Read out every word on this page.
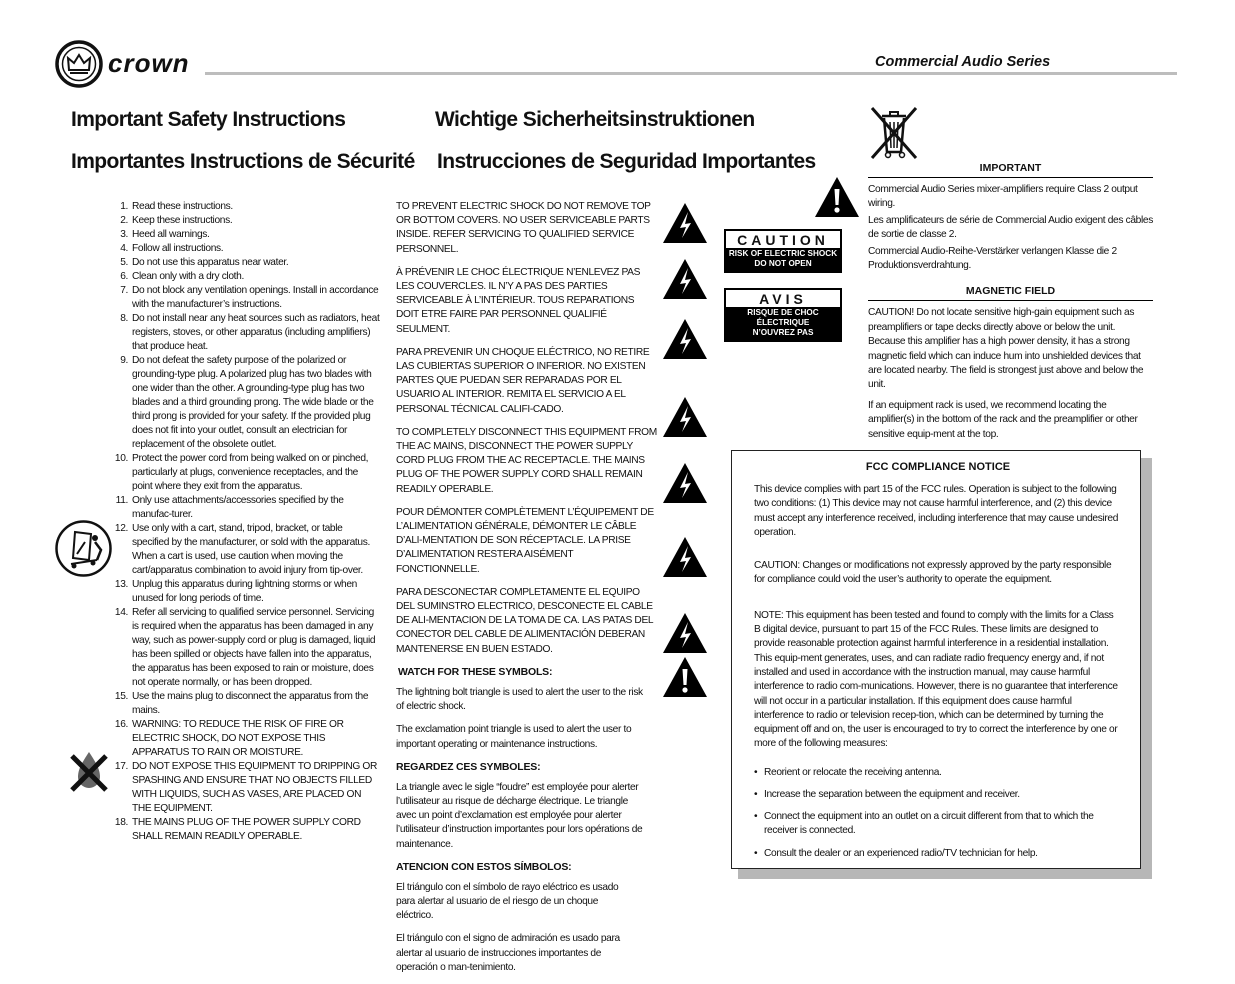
crown	Commercial Audio Series
Important Safety Instructions	Wichtige Sicherheitsinstruktionen
Importantes Instructions de Sécurité Instrucciones de Seguridad Importantes
1. Read these instructions.
2. Keep these instructions.
3. Heed all warnings.
4. Follow all instructions.
5. Do not use this apparatus near water.
6. Clean only with a dry cloth.
7. Do not block any ventilation openings. Install in accordance with the manufacturer’s instructions.
8. Do not install near any heat sources such as radiators, heat registers, stoves, or other apparatus (including amplifiers) that produce heat.
9. Do not defeat the safety purpose of the polarized or grounding-type plug. A polarized plug has two blades with one wider than the other. A grounding-type plug has two blades and a third grounding prong. The wide blade or the third prong is provided for your safety. If the provided plug does not fit into your outlet, consult an electrician for replacement of the obsolete outlet.
10. Protect the power cord from being walked on or pinched, particularly at plugs, convenience receptacles, and the point where they exit from the apparatus.
11. Only use attachments/accessories specified by the manufac-turer.
12. Use only with a cart, stand, tripod, bracket, or table specified by the manufacturer, or sold with the apparatus. When a cart is used, use caution when moving the cart/apparatus combination to avoid injury from tip-over.
13. Unplug this apparatus during lightning storms or when unused for long periods of time.
14. Refer all servicing to qualified service personnel. Servicing is required when the apparatus has been damaged in any way, such as power-supply cord or plug is damaged, liquid has been spilled or objects have fallen into the apparatus, the apparatus has been exposed to rain or moisture, does not operate normally, or has been dropped.
15. Use the mains plug to disconnect the apparatus from the mains.
16. WARNING: TO REDUCE THE RISK OF FIRE OR ELECTRIC SHOCK, DO NOT EXPOSE THIS APPARATUS TO RAIN OR MOISTURE.
17. DO NOT EXPOSE THIS EQUIPMENT TO DRIPPING OR SPASHING AND ENSURE THAT NO OBJECTS FILLED WITH LIQUIDS, SUCH AS VASES, ARE PLACED ON THE EQUIPMENT.
18. THE MAINS PLUG OF THE POWER SUPPLY CORD SHALL REMAIN READILY OPERABLE.

TO PREVENT ELECTRIC SHOCK DO NOT REMOVE TOP OR BOTTOM COVERS. NO USER SERVICEABLE PARTS INSIDE. REFER SERVICING TO QUALIFIED SERVICE PERSONNEL.

À PRÉVENIR LE CHOC ÉLECTRIQUE N’ENLEVEZ PAS LES COUVERCLES. IL N’Y A PAS DES PARTIES SERVICEABLE À L’INTÉRIEUR. TOUS REPARATIONS DOIT ETRE FAIRE PAR PERSONNEL QUALIFIÉ SEULMENT.

PARA PREVENIR UN CHOQUE ELÉCTRICO, NO RETIRE LAS CUBIERTAS SUPERIOR O INFERIOR. NO EXISTEN PARTES QUE PUEDAN SER REPARADAS POR EL USUARIO AL INTERIOR. REMITA EL SERVICIO A EL PERSONAL TÉCNICAL CALIFI-CADO.

TO COMPLETELY DISCONNECT THIS EQUIPMENT FROM THE AC MAINS, DISCONNECT THE POWER SUPPLY CORD PLUG FROM THE AC RECEPTACLE. THE MAINS PLUG OF THE POWER SUPPLY CORD SHALL REMAIN READILY OPERABLE.

POUR DÉMONTER COMPLÈTEMENT L’ÉQUIPEMENT DE L’ALIMENTATION GÉNÉRALE, DÉMONTER LE CÂBLE D’ALI-MENTATION DE SON RÉCEPTACLE. LA PRISE D’ALIMENTATION RESTERA AISÉMENT FONCTIONNELLE.

PARA DESCONECTAR COMPLETAMENTE EL EQUIPO DEL SUMINSTRO ELECTRICO, DESCONECTE EL CABLE DE ALI-MENTACION DE LA TOMA DE CA. LAS PATAS DEL CONECTOR DEL CABLE DE ALIMENTACIÓN DEBERAN MANTENERSE EN BUEN ESTADO.

WATCH FOR THESE SYMBOLS:

The lightning bolt triangle is used to alert the user to the risk of electric shock.

The exclamation point triangle is used to alert the user to important operating or maintenance instructions.

REGARDEZ CES SYMBOLES:

La triangle avec le sigle “foudre” est employée pour alerter l’utilisateur au risque de décharge électrique. Le triangle avec un point d’exclamation est employée pour alerter l’utilisateur d’instruction importantes pour lors opérations de maintenance.

ATENCION CON ESTOS SÍMBOLOS:

El triángulo con el símbolo de rayo eléctrico es usado para alertar al usuario de el riesgo de un choque eléctrico.

El triángulo con el signo de admiración es usado para alertar al usuario de instrucciones importantes de operación o man-tenimiento.

CAUTION
RISK OF ELECTRIC SHOCK
DO NOT OPEN
AVIS
RISQUE DE CHOC ÉLECTRIQUE
N’OUVREZ PAS
IMPORTANT

Commercial Audio Series mixer-amplifiers require Class 2 output wiring.

Les amplificateurs de série de Commercial Audio exigent des câbles de sortie de classe 2.

Commercial Audio-Reihe-Verstärker verlangen Klasse die 2 Produktionsverdrahtung.

MAGNETIC FIELD

CAUTION! Do not locate sensitive high-gain equipment such as preamplifiers or tape decks directly above or below the unit. Because this amplifier has a high power density, it has a strong magnetic field which can induce hum into unshielded devices that are located nearby. The field is strongest just above and below the unit.

If an equipment rack is used, we recommend locating the amplifier(s) in the bottom of the rack and the preamplifier or other sensitive equip-ment at the top.

FCC COMPLIANCE NOTICE

This device complies with part 15 of the FCC rules. Operation is subject to the following two conditions: (1) This device may not cause harmful interference, and (2) this device must accept any interference received, including interference that may cause undesired operation.

CAUTION: Changes or modifications not expressly approved by the party responsible for compliance could void the user’s authority to operate the equipment.

NOTE: This equipment has been tested and found to comply with the limits for a Class B digital device, pursuant to part 15 of the FCC Rules. These limits are designed to provide reasonable protection against harmful interference in a residential installation. This equip-ment generates, uses, and can radiate radio frequency energy and, if not installed and used in accordance with the instruction manual, may cause harmful interference to radio com-munications. However, there is no guarantee that interference will not occur in a particular installation. If this equipment does cause harmful interference to radio or television recep-tion, which can be determined by turning the equipment off and on, the user is encouraged to try to correct the interference by one or more of the following measures:

• Reorient or relocate the receiving antenna.
• Increase the separation between the equipment and receiver.
• Connect the equipment into an outlet on a circuit different from that to which the receiver is connected.
• Consult the dealer or an experienced radio/TV technician for help.
